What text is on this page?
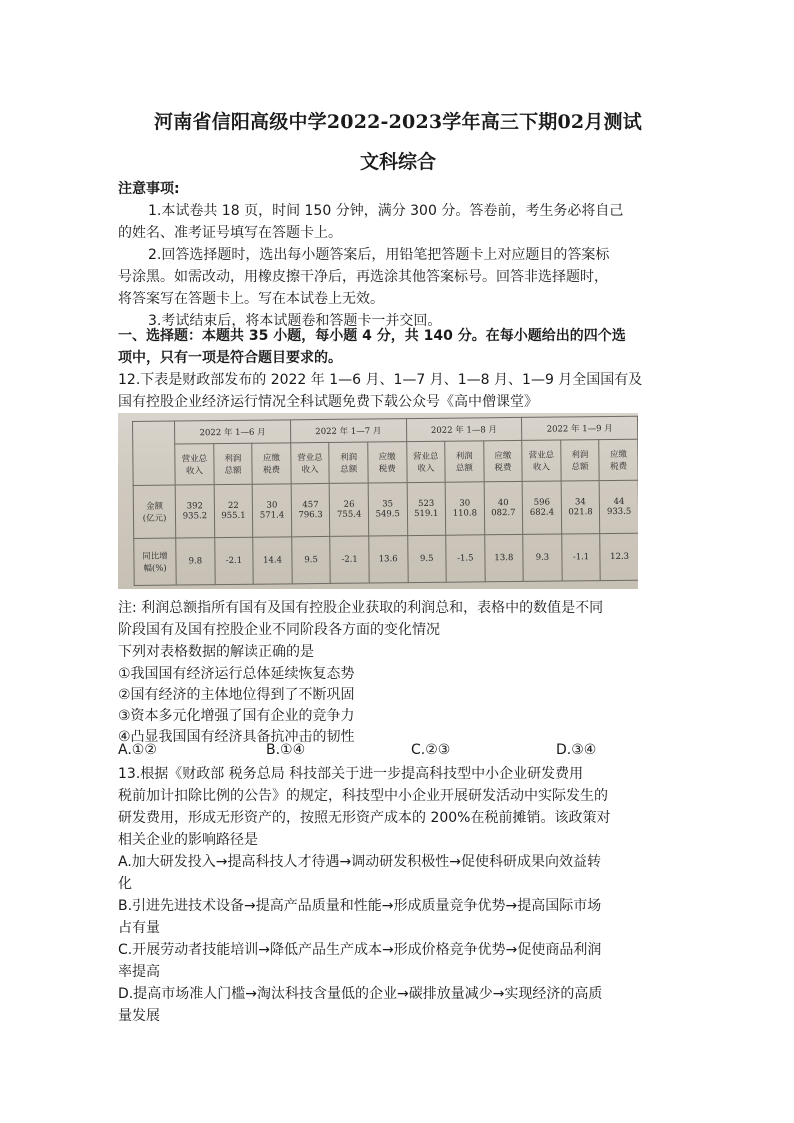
河南省信阳高级中学2022-2023学年高三下期02月测试
文科综合
注意事项:
1.本试卷共 18 页，时间 150 分钟，满分 300 分。答卷前，考生务必将自己
的姓名、准考证号填写在答题卡上。
2.回答选择题时，选出每小题答案后，用铅笔把答题卡上对应题目的答案标
号涂黑。如需改动，用橡皮擦干净后，再选涂其他答案标号。回答非选择题时，
将答案写在答题卡上。写在本试卷上无效。
3.考试结束后，将本试题卷和答题卡一并交回。
一、选择题：本题共 35 小题，每小题 4 分，共 140 分。在每小题给出的四个选
项中，只有一项是符合题目要求的。
12.下表是财政部发布的 2022 年 1—6 月、1—7 月、1—8 月、1—9 月全国国有及
国有控股企业经济运行情况全科试题免费下载公众号《高中僧课堂》
	2022 年 1—6 月			2022 年 1—7 月			2022 年 1—8 月			2022 年 1—9 月		
	营业总
收入	利润
总额	应缴
税费	营业总
收入	利润
总额	应缴
税费	营业总
收入	利润
总额	应缴
税费	营业总
收入	利润
总额	应缴
税费
金额
(亿元)	392 935.2	22 955.1	30 571.4	457 796.3	26 755.4	35 549.5	523 519.1	30 110.8	40 082.7	596 682.4	34 021.8	44 933.5
同比增
幅(%)	9.8	-2.1	14.4	9.5	-2.1	13.6	9.5	-1.5	13.8	9.3	-1.1	12.3
注: 利润总额指所有国有及国有控股企业获取的利润总和，表格中的数值是不同
阶段国有及国有控股企业不同阶段各方面的变化情况
下列对表格数据的解读正确的是
①我国国有经济运行总体延续恢复态势
②国有经济的主体地位得到了不断巩固
③资本多元化增强了国有企业的竞争力
④凸显我国国有经济具备抗冲击的韧性
A.①②	B.①④	C.②③	D.③④
13.根据《财政部 税务总局 科技部关于进一步提高科技型中小企业研发费用
税前加计扣除比例的公告》的规定，科技型中小企业开展研发活动中实际发生的
研发费用，形成无形资产的，按照无形资产成本的 200%在税前摊销。该政策对
相关企业的影响路径是
A.加大研发投入→提高科技人才待遇→调动研发积极性→促使科研成果向效益转
化
B.引进先进技术设备→提高产品质量和性能→形成质量竞争优势→提高国际市场
占有量
C.开展劳动者技能培训→降低产品生产成本→形成价格竞争优势→促使商品利润
率提高
D.提高市场准人门槛→淘汰科技含量低的企业→碳排放量减少→实现经济的高质
量发展
